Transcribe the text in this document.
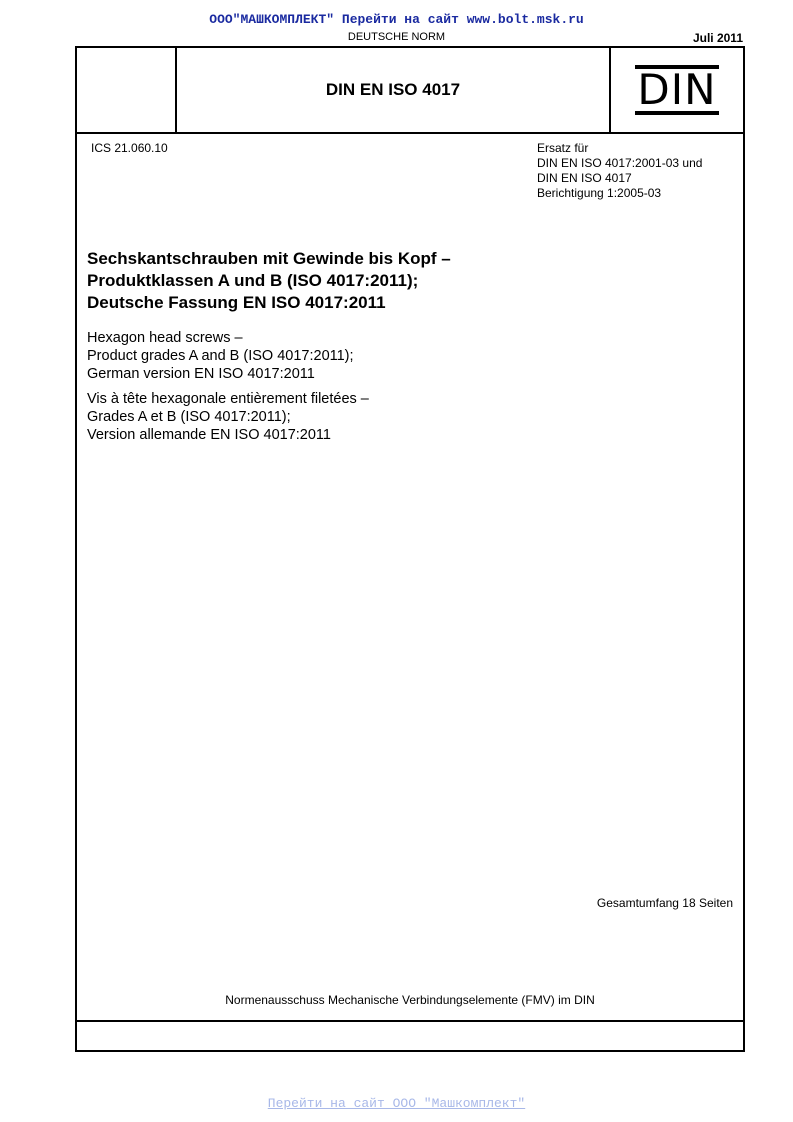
ООО"МАШКОМПЛЕКТ" Перейти на сайт www.bolt.msk.ru
DEUTSCHE NORM	Juli 2011
DIN EN ISO 4017	DIN
ICS 21.060.10	Ersatz für
DIN EN ISO 4017:2001-03 und
DIN EN ISO 4017
Berichtigung 1:2005-03
Sechskantschrauben mit Gewinde bis Kopf –
Produktklassen A und B (ISO 4017:2011);
Deutsche Fassung EN ISO 4017:2011
Hexagon head screws –
Product grades A and B (ISO 4017:2011);
German version EN ISO 4017:2011
Vis à tête hexagonale entièrement filetées –
Grades A et B (ISO 4017:2011);
Version allemande EN ISO 4017:2011
Gesamtumfang 18 Seiten
Normenausschuss Mechanische Verbindungselemente (FMV) im DIN
Перейти на сайт ООО "Машкомплект"
